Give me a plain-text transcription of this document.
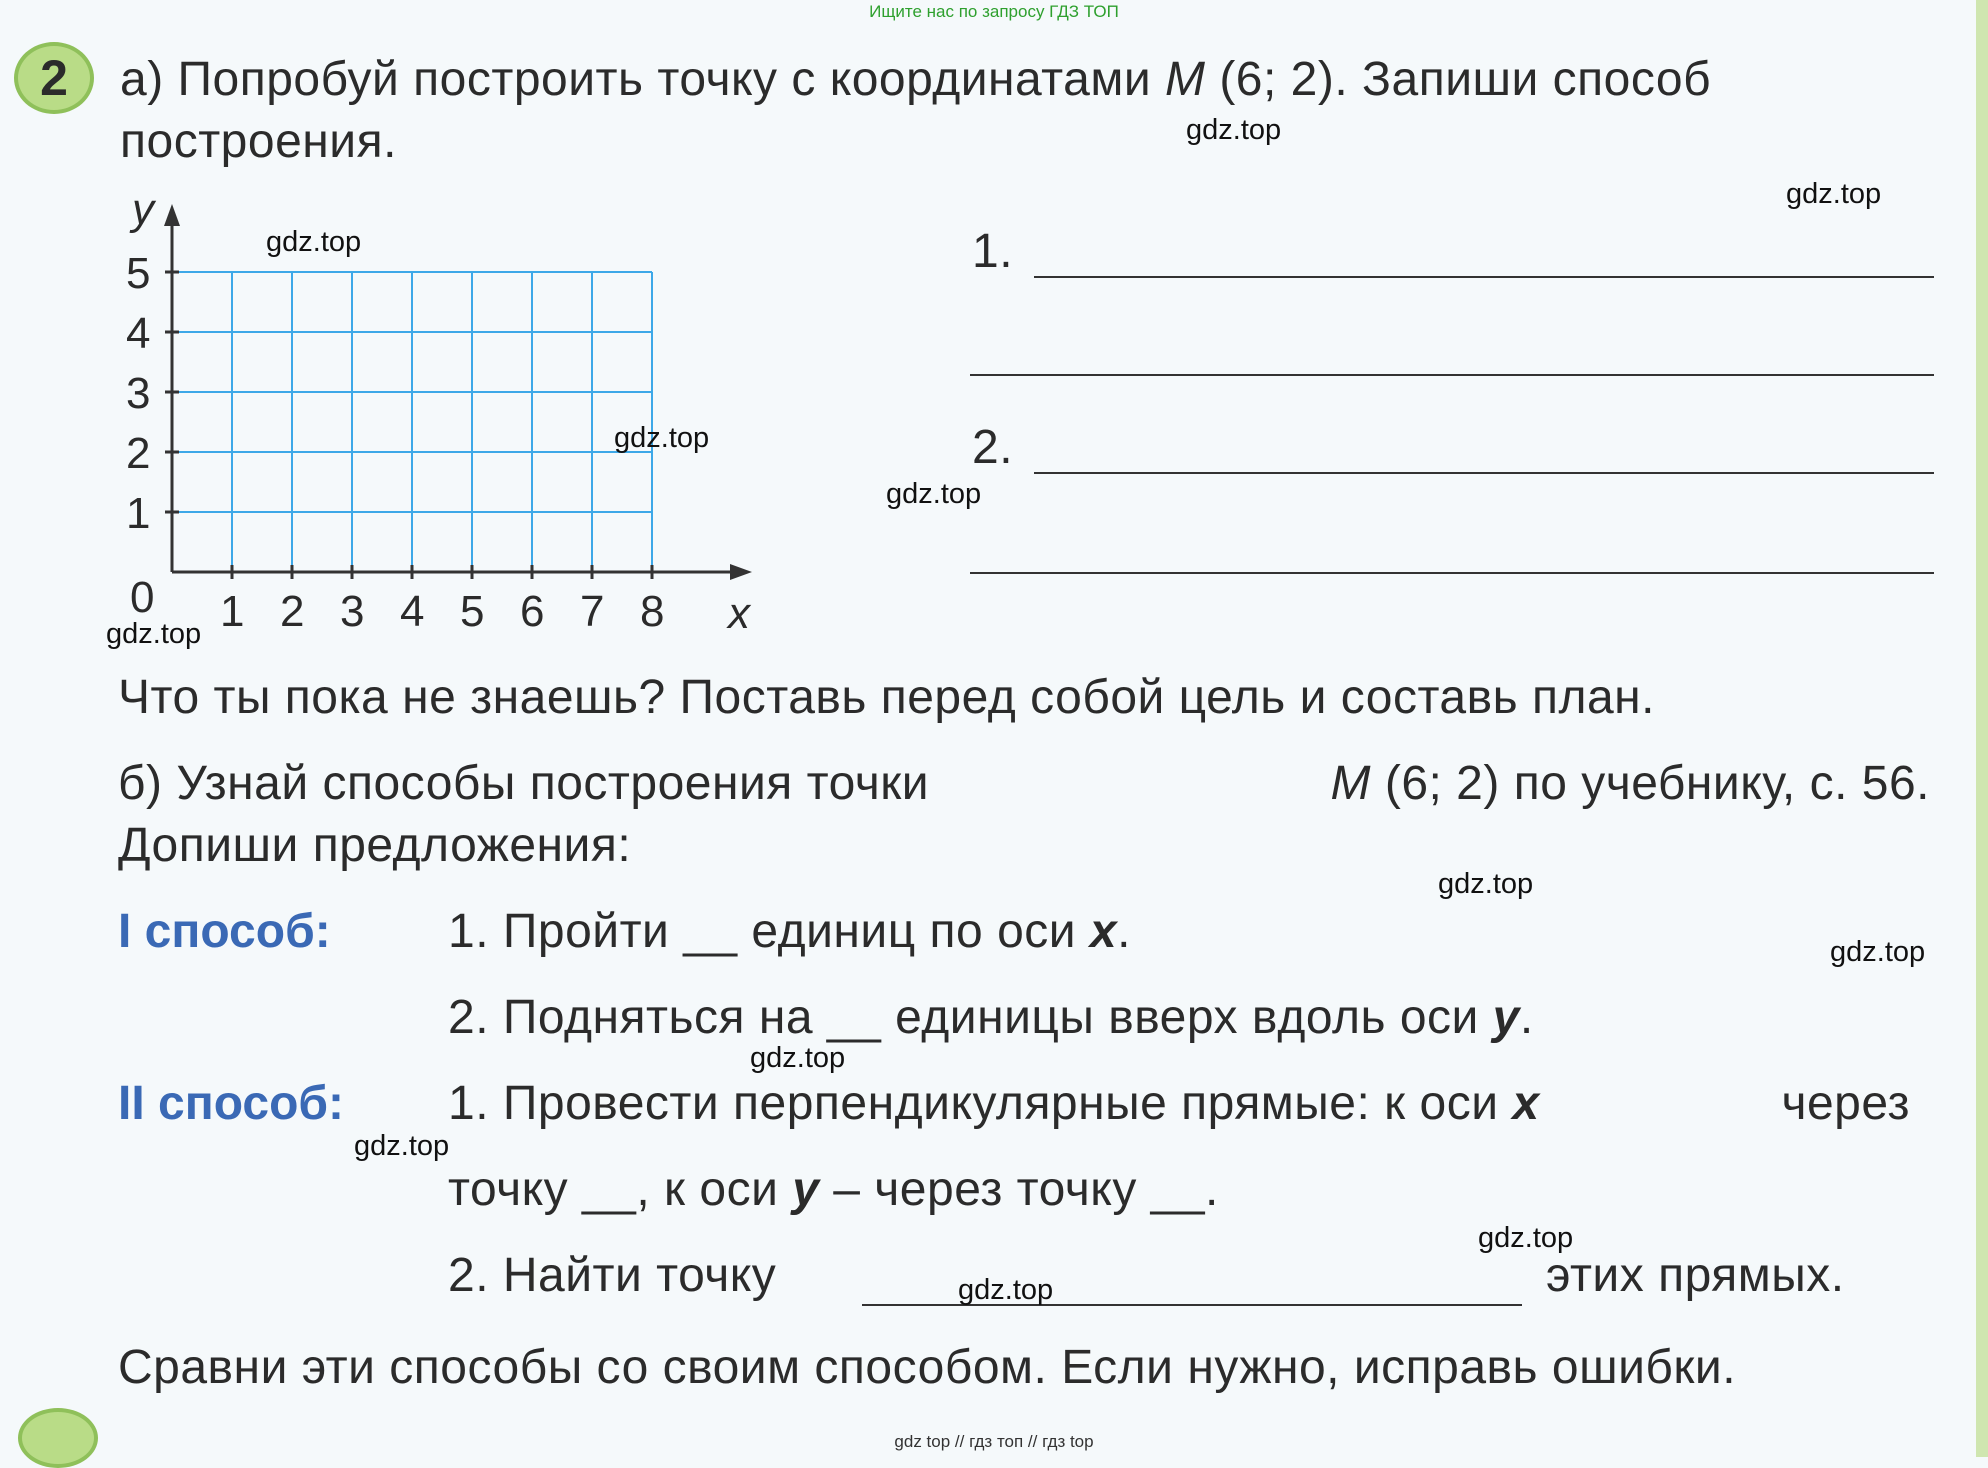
Ищите нас по запросу ГДЗ ТОП
2	а) Попробуй построить точку с координатами M (6; 2). Запиши способ
построения.
1 2 3 4 5 6 7 8
1
2
3
4
5
0	x
y
1.
2.
Что ты пока не знаешь? Поставь перед собой цель и составь план.
б) Узнай способы построения точки	M (6; 2) по учебнику, с. 56.
Допиши предложения:
I способ: 1. Пройти __ единиц по оси x.
2. Подняться на __ единицы вверх вдоль оси y.
II способ: 1. Провести перпендикулярные прямые: к оси x	через
точку __, к оси y – через точку __.
2. Найти точку	этих прямых.
Сравни эти способы со своим способом. Если нужно, исправь ошибки.
gdz.top
gdz.top
gdz.top
gdz.top
gdz.top
gdz.top
gdz.top
gdz.top
gdz.top
gdz.top
gdz.top
gdz.top
gdz top // гдз топ // гдз top
